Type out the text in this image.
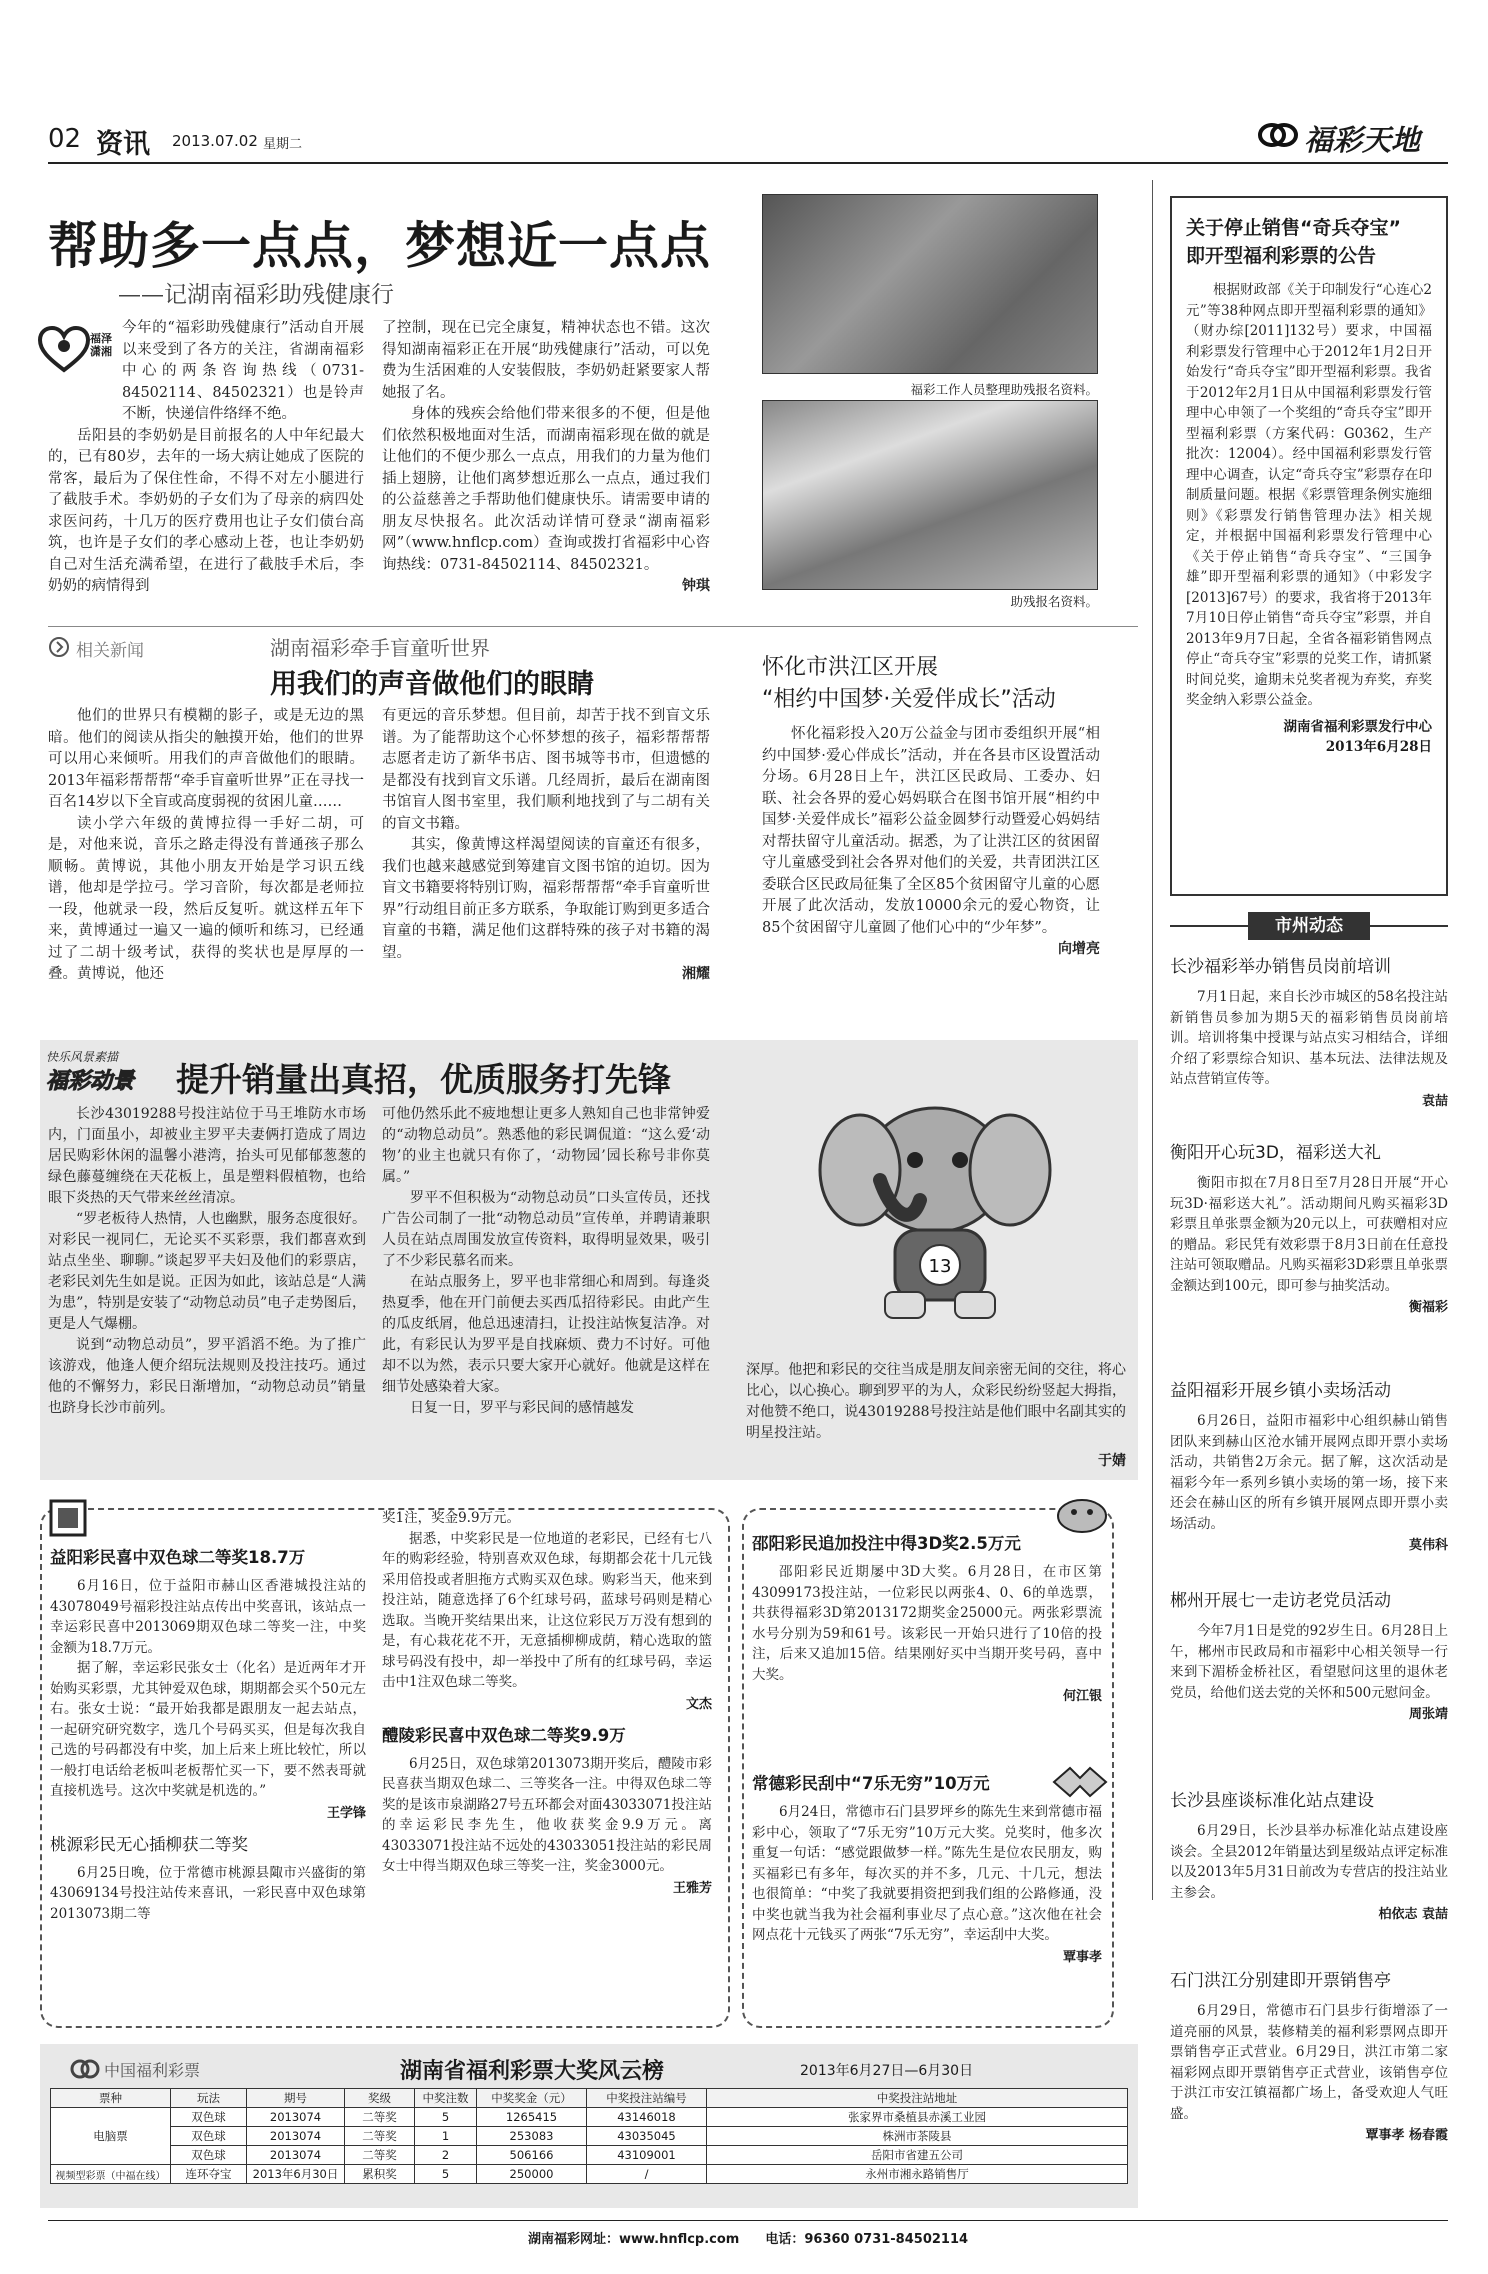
02 资讯 2013.07.02 星期二	福彩天地
帮助多一点点，梦想近一点点
——记湖南福彩助残健康行
福泽潇湘

今年的“福彩助残健康行”活动自开展以来受到了各方的关注，省湖南福彩中心的两条咨询热线（0731-84502114、84502321）也是铃声不断，快递信件络绎不绝。

岳阳县的李奶奶是目前报名的人中年纪最大的，已有80岁，去年的一场大病让她成了医院的常客，最后为了保住性命，不得不对左小腿进行了截肢手术。李奶奶的子女们为了母亲的病四处求医问药，十几万的医疗费用也让子女们债台高筑，也许是子女们的孝心感动上苍，也让李奶奶自己对生活充满希望，在进行了截肢手术后，李奶奶的病情得到

了控制，现在已完全康复，精神状态也不错。这次得知湖南福彩正在开展“助残健康行”活动，可以免费为生活困难的人安装假肢，李奶奶赶紧要家人帮她报了名。

身体的残疾会给他们带来很多的不便，但是他们依然积极地面对生活，而湖南福彩现在做的就是让他们的不便少那么一点点，用我们的力量为他们插上翅膀，让他们离梦想近那么一点点，通过我们的公益慈善之手帮助他们健康快乐。请需要申请的朋友尽快报名。此次活动详情可登录“湖南福彩网”（www.hnflcp.com）查询或拨打省福彩中心咨询热线：0731-84502114、84502321。

钟琪
福彩工作人员整理助残报名资料。
助残报名资料。
相关新闻	湖南福彩牵手盲童听世界
用我们的声音做他们的眼睛

他们的世界只有模糊的影子，或是无边的黑暗。他们的阅读从指尖的触摸开始，他们的世界可以用心来倾听。用我们的声音做他们的眼睛。2013年福彩帮帮帮“牵手盲童听世界”正在寻找一百名14岁以下全盲或高度弱视的贫困儿童……

读小学六年级的黄博拉得一手好二胡，可是，对他来说，音乐之路走得没有普通孩子那么顺畅。黄博说，其他小朋友开始是学习识五线谱，他却是学拉弓。学习音阶，每次都是老师拉一段，他就录一段，然后反复听。就这样五年下来，黄博通过一遍又一遍的倾听和练习，已经通过了二胡十级考试，获得的奖状也是厚厚的一叠。黄博说，他还

有更远的音乐梦想。但目前，却苦于找不到盲文乐谱。为了能帮助这个心怀梦想的孩子，福彩帮帮帮志愿者走访了新华书店、图书城等书市，但遗憾的是都没有找到盲文乐谱。几经周折，最后在湖南图书馆盲人图书室里，我们顺利地找到了与二胡有关的盲文书籍。

其实，像黄博这样渴望阅读的盲童还有很多，我们也越来越感觉到筹建盲文图书馆的迫切。因为盲文书籍要将特别订购，福彩帮帮帮“牵手盲童听世界”行动组目前正多方联系，争取能订购到更多适合盲童的书籍，满足他们这群特殊的孩子对书籍的渴望。

湘耀
怀化市洪江区开展
“相约中国梦·关爱伴成长”活动

怀化福彩投入20万公益金与团市委组织开展“相约中国梦·爱心伴成长”活动，并在各县市区设置活动分场。6月28日上午，洪江区民政局、工委办、妇联、社会各界的爱心妈妈联合在图书馆开展“相约中国梦·关爱伴成长”福彩公益金圆梦行动暨爱心妈妈结对帮扶留守儿童活动。据悉，为了让洪江区的贫困留守儿童感受到社会各界对他们的关爱，共青团洪江区委联合区民政局征集了全区85个贫困留守儿童的心愿开展了此次活动，发放10000余元的爱心物资，让85个贫困留守儿童圆了他们心中的“少年梦”。

向增亮
关于停止销售“奇兵夺宝”
即开型福利彩票的公告

根据财政部《关于印制发行“心连心2元”等38种网点即开型福利彩票的通知》（财办综[2011]132号）要求，中国福利彩票发行管理中心于2012年1月2日开始发行“奇兵夺宝”即开型福利彩票。我省于2012年2月1日从中国福利彩票发行管理中心申领了一个奖组的“奇兵夺宝”即开型福利彩票（方案代码：G0362，生产批次：12004）。经中国福利彩票发行管理中心调查，认定“奇兵夺宝”彩票存在印制质量问题。根据《彩票管理条例实施细则》《彩票发行销售管理办法》相关规定，并根据中国福利彩票发行管理中心《关于停止销售“奇兵夺宝”、“三国争雄”即开型福利彩票的通知》（中彩发字[2013]67号）的要求，我省将于2013年7月10日停止销售“奇兵夺宝”彩票，并自2013年9月7日起，全省各福彩销售网点停止“奇兵夺宝”彩票的兑奖工作，请抓紧时间兑奖，逾期未兑奖者视为弃奖，弃奖奖金纳入彩票公益金。

湖南省福利彩票发行中心
2013年6月28日
市州动态
长沙福彩举办销售员岗前培训

7月1日起，来自长沙市城区的58名投注站新销售员参加为期5天的福彩销售员岗前培训。培训将集中授课与站点实习相结合，详细介绍了彩票综合知识、基本玩法、法律法规及站点营销宣传等。

袁喆
衡阳开心玩3D，福彩送大礼

衡阳市拟在7月8日至7月28日开展“开心玩3D·福彩送大礼”。活动期间凡购买福彩3D彩票且单张票金额为20元以上，可获赠相对应的赠品。彩民凭有效彩票于8月3日前在任意投注站可领取赠品。凡购买福彩3D彩票且单张票金额达到100元，即可参与抽奖活动。

衡福彩
益阳福彩开展乡镇小卖场活动

6月26日，益阳市福彩中心组织赫山销售团队来到赫山区沧水铺开展网点即开票小卖场活动，共销售2万余元。据了解，这次活动是福彩今年一系列乡镇小卖场的第一场，接下来还会在赫山区的所有乡镇开展网点即开票小卖场活动。

莫伟科
郴州开展七一走访老党员活动

今年7月1日是党的92岁生日。6月28日上午，郴州市民政局和市福彩中心相关领导一行来到下湄桥金桥社区，看望慰问这里的退休老党员，给他们送去党的关怀和500元慰问金。

周张靖
长沙县座谈标准化站点建设

6月29日，长沙县举办标准化站点建设座谈会。全县2012年销量达到星级站点评定标准以及2013年5月31日前改为专营店的投注站业主参会。

柏依志 袁喆
石门洪江分别建即开票销售亭

6月29日，常德市石门县步行街增添了一道亮丽的风景，装修精美的福利彩票网点即开票销售亭正式营业。6月29日，洪江市第二家福彩网点即开票销售亭正式营业，该销售亭位于洪江市安江镇福都广场上，备受欢迎人气旺盛。

覃事孝 杨春霞
快乐风景素描
福彩动景 提升销量出真招，优质服务打先锋

长沙43019288号投注站位于马王堆防水市场内，门面虽小，却被业主罗平夫妻俩打造成了周边居民购彩休闲的温馨小港湾，抬头可见郁郁葱葱的绿色藤蔓缠绕在天花板上，虽是塑料假植物，也给眼下炎热的天气带来丝丝清凉。

“罗老板待人热情，人也幽默，服务态度很好。对彩民一视同仁，无论买不买彩票，我们都喜欢到站点坐坐、聊聊。”谈起罗平夫妇及他们的彩票店，老彩民刘先生如是说。正因为如此，该站总是“人满为患”，特别是安装了“动物总动员”电子走势图后，更是人气爆棚。

说到“动物总动员”，罗平滔滔不绝。为了推广该游戏，他逢人便介绍玩法规则及投注技巧。通过他的不懈努力，彩民日渐增加，“动物总动员”销量也跻身长沙市前列。

可他仍然乐此不疲地想让更多人熟知自己也非常钟爱的“动物总动员”。熟悉他的彩民调侃道：“这么爱‘动物’的业主也就只有你了，‘动物园’园长称号非你莫属。”

罗平不但积极为“动物总动员”口头宣传员，还找广告公司制了一批“动物总动员”宣传单，并聘请兼职人员在站点周围发放宣传资料，取得明显效果，吸引了不少彩民慕名而来。

在站点服务上，罗平也非常细心和周到。每逢炎热夏季，他在开门前便去买西瓜招待彩民。由此产生的瓜皮纸屑，他总迅速清扫，让投注站恢复洁净。对此，有彩民认为罗平是自找麻烦、费力不讨好。可他却不以为然，表示只要大家开心就好。他就是这样在细节处感染着大家。

日复一日，罗平与彩民间的感情越发

13

深厚。他把和彩民的交往当成是朋友间亲密无间的交往，将心比心，以心换心。聊到罗平的为人，众彩民纷纷竖起大拇指，对他赞不绝口，说43019288号投注站是他们眼中名副其实的明星投注站。

于婧
益阳彩民喜中双色球二等奖18.7万

6月16日，位于益阳市赫山区香港城投注站的43078049号福彩投注站点传出中奖喜讯，该站点一幸运彩民喜中2013069期双色球二等奖一注，中奖金额为18.7万元。

据了解，幸运彩民张女士（化名）是近两年才开始购买彩票，尤其钟爱双色球，期期都会买个50元左右。张女士说：“最开始我都是跟朋友一起去站点，一起研究研究数字，选几个号码买买，但是每次我自己选的号码都没有中奖，加上后来上班比较忙，所以一般打电话给老板叫老板帮忙买一下，要不然表哥就直接机选号。这次中奖就是机选的。”

王学锋
桃源彩民无心插柳获二等奖

6月25日晚，位于常德市桃源县陬市兴盛街的第43069134号投注站传来喜讯，一彩民喜中双色球第2013073期二等

奖1注，奖金9.9万元。

据悉，中奖彩民是一位地道的老彩民，已经有七八年的购彩经验，特别喜欢双色球，每期都会花十几元钱采用倍投或者胆拖方式购买双色球。购彩当天，他来到投注站，随意选择了6个红球号码，蓝球号码则是精心选取。当晚开奖结果出来，让这位彩民万万没有想到的是，有心栽花花不开，无意插柳柳成荫，精心选取的篮球号码没有投中，却一举投中了所有的红球号码，幸运击中1注双色球二等奖。

文杰
醴陵彩民喜中双色球二等奖9.9万

6月25日，双色球第2013073期开奖后，醴陵市彩民喜获当期双色球二、三等奖各一注。中得双色球二等奖的是该市泉湖路27号五环都会对面43033071投注站的幸运彩民李先生，他收获奖金9.9万元。离43033071投注站不远处的43033051投注站的彩民周女士中得当期双色球三等奖一注，奖金3000元。

王雅芳
邵阳彩民追加投注中得3D奖2.5万元

邵阳彩民近期屡中3D大奖。6月28日，在市区第43099173投注站，一位彩民以两张4、0、6的单选票，共获得福彩3D第2013172期奖金25000元。两张彩票流水号分别为59和61号。该彩民一开始只进行了10倍的投注，后来又追加15倍。结果刚好买中当期开奖号码，喜中大奖。

何江银
常德彩民刮中“7乐无穷”10万元

6月24日，常德市石门县罗坪乡的陈先生来到常德市福彩中心，领取了“7乐无穷”10万元大奖。兑奖时，他多次重复一句话：“感觉跟做梦一样。”陈先生是位农民朋友，购买福彩已有多年，每次买的并不多，几元、十几元，想法也很简单：“中奖了我就要捐资把到我们组的公路修通，没中奖也就当我为社会福利事业尽了点心意。”这次他在社会网点花十元钱买了两张“7乐无穷”，幸运刮中大奖。

覃事孝
中国福利彩票	湖南省福利彩票大奖风云榜	2013年6月27日—6月30日
票种	玩法	期号	奖级	中奖注数	中奖奖金（元）	中奖投注站编号	中奖投注站地址
电脑票	双色球	2013074	二等奖	5	1265415	43146018	张家界市桑植县赤溪工业园
	双色球	2013074	二等奖	1	253083	43035045	株洲市茶陵县
	双色球	2013074	二等奖	2	506166	43109001	岳阳市省建五公司
视频型彩票（中福在线）	连环夺宝	2013年6月30日	累积奖	5	250000	/	永州市湘永路销售厅
湖南福彩网址：www.hnflcp.com　　电话：96360 0731-84502114
